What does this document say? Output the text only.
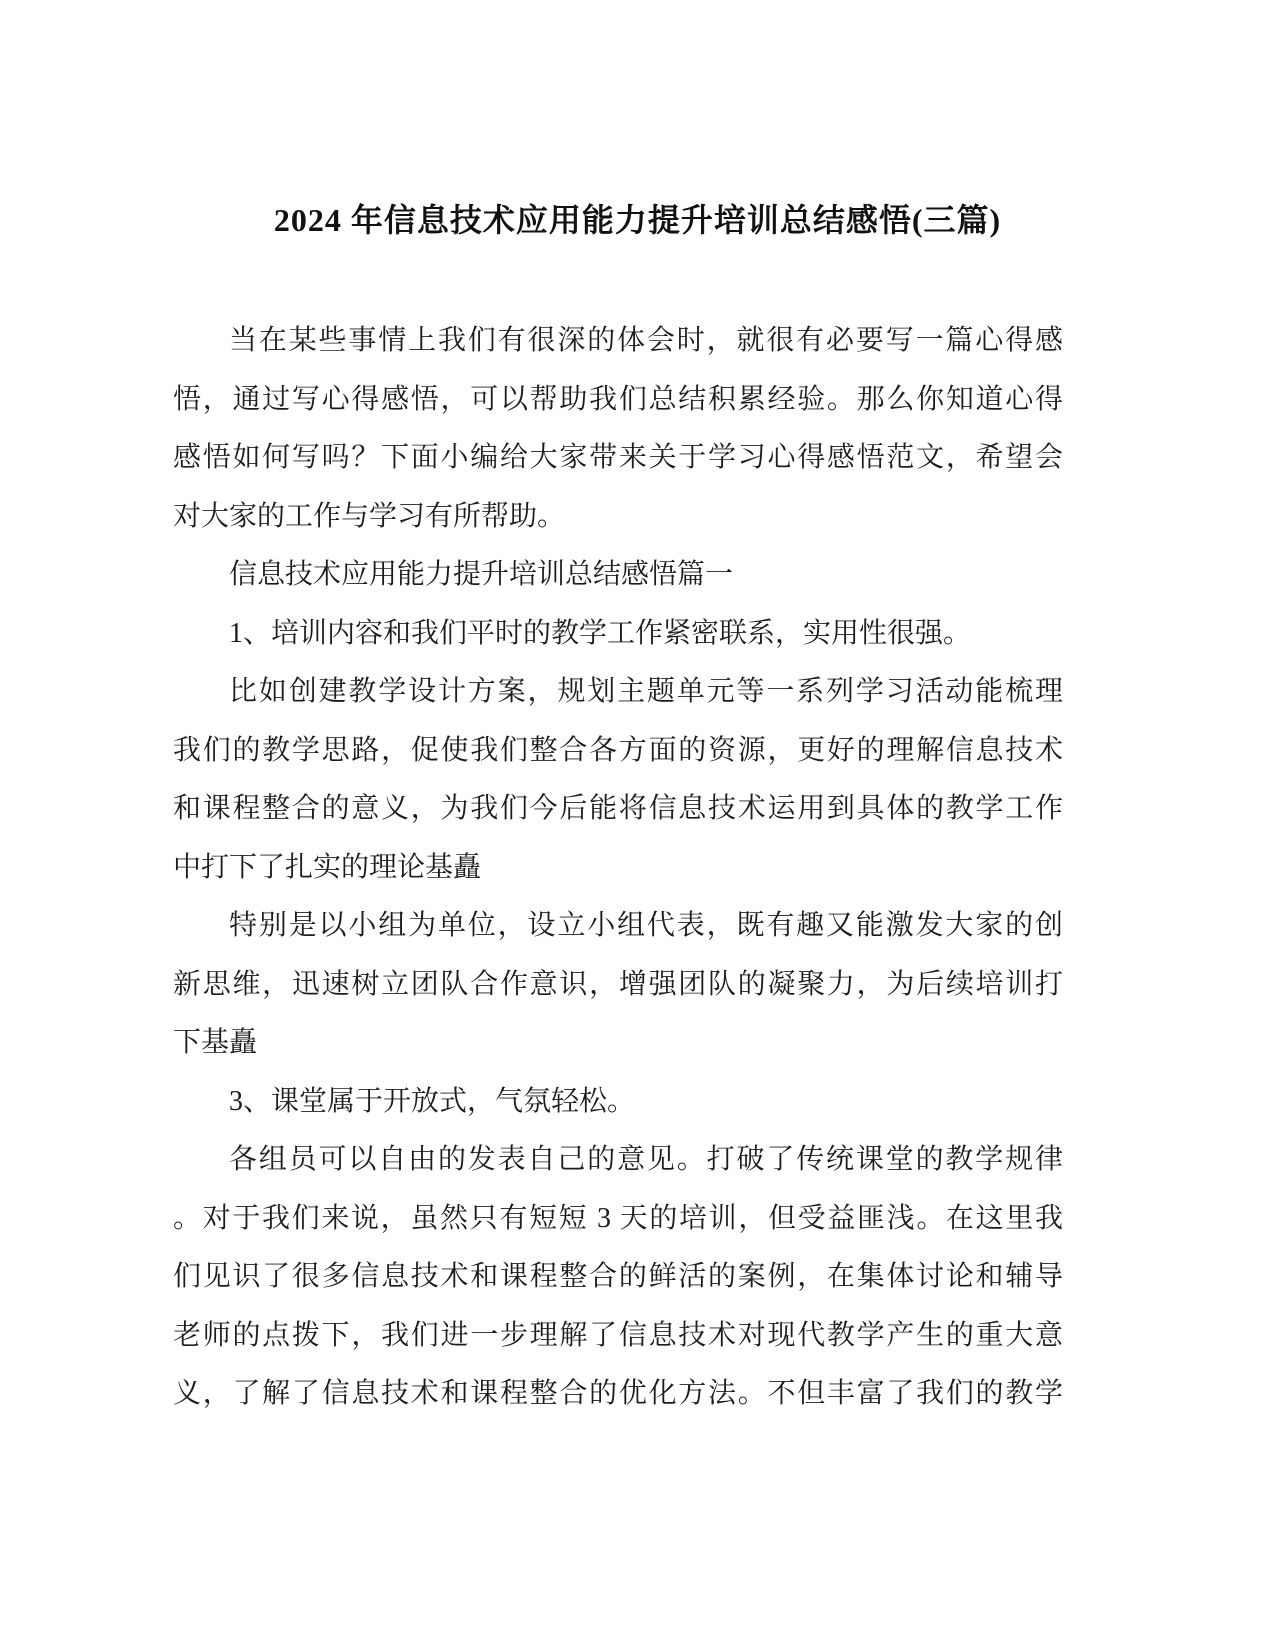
2024 年信息技术应用能力提升培训总结感悟(三篇)
当在某些事情上我们有很深的体会时，就很有必要写一篇心得感
悟，通过写心得感悟，可以帮助我们总结积累经验。那么你知道心得
感悟如何写吗？下面小编给大家带来关于学习心得感悟范文，希望会
对大家的工作与学习有所帮助。
信息技术应用能力提升培训总结感悟篇一
1、培训内容和我们平时的教学工作紧密联系，实用性很强。
比如创建教学设计方案，规划主题单元等一系列学习活动能梳理
我们的教学思路，促使我们整合各方面的资源，更好的理解信息技术
和课程整合的意义，为我们今后能将信息技术运用到具体的教学工作
中打下了扎实的理论基矗
特别是以小组为单位，设立小组代表，既有趣又能激发大家的创
新思维，迅速树立团队合作意识，增强团队的凝聚力，为后续培训打
下基矗
3、课堂属于开放式，气氛轻松。
各组员可以自由的发表自己的意见。打破了传统课堂的教学规律
。对于我们来说，虽然只有短短 3 天的培训，但受益匪浅。在这里我
们见识了很多信息技术和课程整合的鲜活的案例，在集体讨论和辅导
老师的点拨下，我们进一步理解了信息技术对现代教学产生的重大意
义，了解了信息技术和课程整合的优化方法。不但丰富了我们的教学
